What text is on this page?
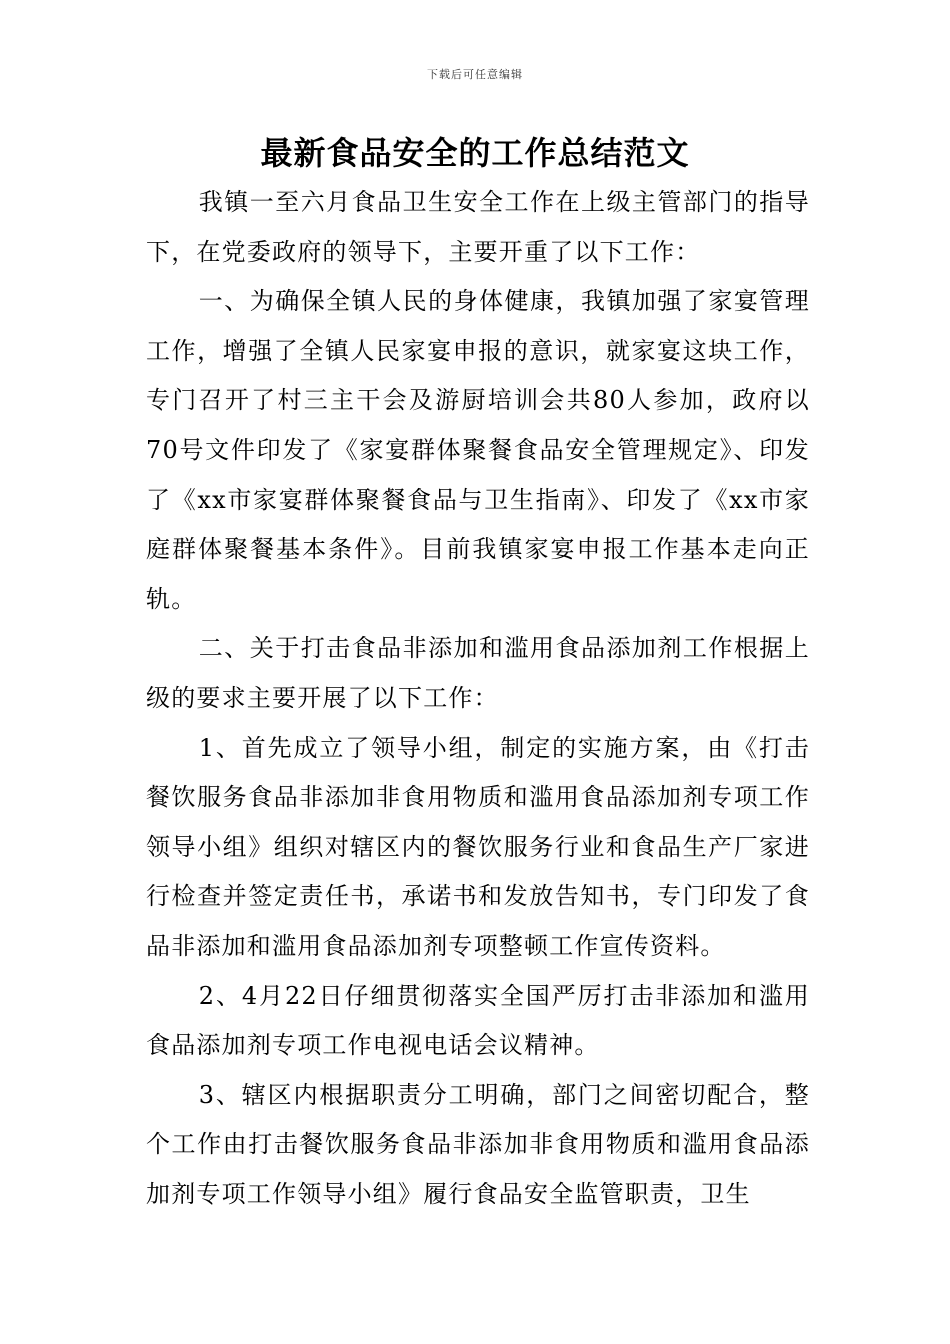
下载后可任意编辑
最新食品安全的工作总结范文

我镇一至六月食品卫生安全工作在上级主管部门的指导下，在党委政府的领导下，主要开重了以下工作：

一、为确保全镇人民的身体健康，我镇加强了家宴管理工作，增强了全镇人民家宴申报的意识，就家宴这块工作，专门召开了村三主干会及游厨培训会共80人参加，政府以70号文件印发了《家宴群体聚餐食品安全管理规定》、印发了《xx市家宴群体聚餐食品与卫生指南》、印发了《xx市家庭群体聚餐基本条件》。目前我镇家宴申报工作基本走向正轨。

二、关于打击食品非添加和滥用食品添加剂工作根据上级的要求主要开展了以下工作：

1、首先成立了领导小组，制定的实施方案，由《打击餐饮服务食品非添加非食用物质和滥用食品添加剂专项工作领导小组》组织对辖区内的餐饮服务行业和食品生产厂家进行检查并签定责任书，承诺书和发放告知书，专门印发了食品非添加和滥用食品添加剂专项整顿工作宣传资料。

2、4月22日仔细贯彻落实全国严厉打击非添加和滥用食品添加剂专项工作电视电话会议精神。

3、辖区内根据职责分工明确，部门之间密切配合，整个工作由打击餐饮服务食品非添加非食用物质和滥用食品添加剂专项工作领导小组》履行食品安全监管职责，卫生
